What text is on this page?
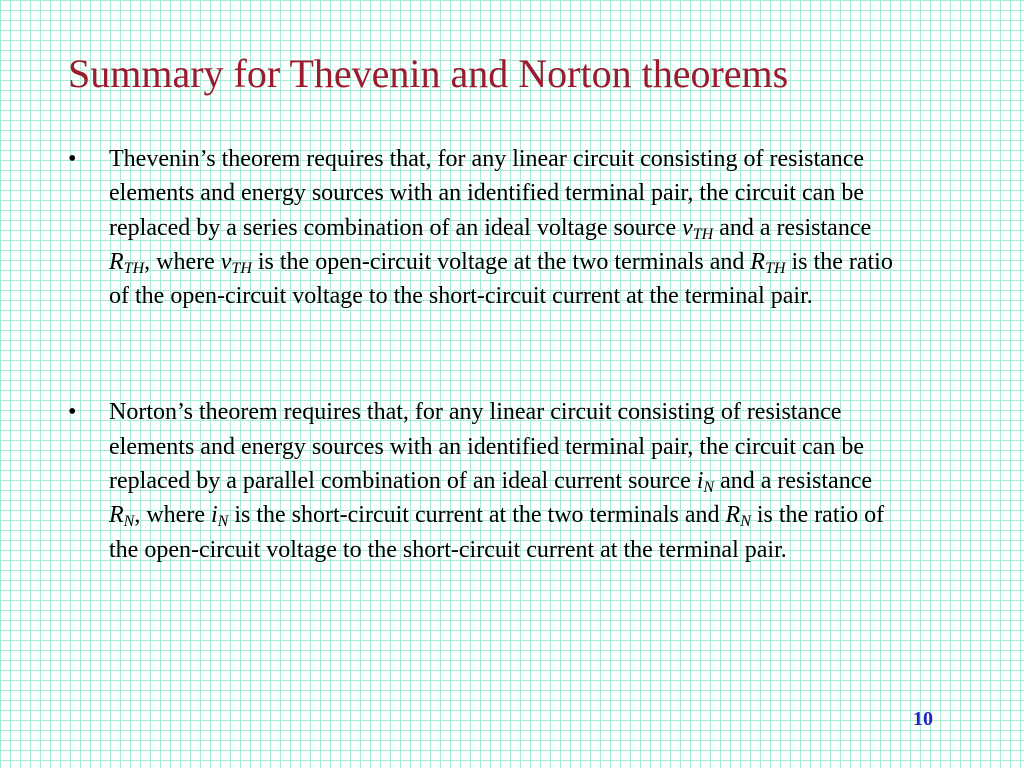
Summary for Thevenin and Norton theorems
• Thevenin’s theorem requires that, for any linear circuit consisting of resistance elements and energy sources with an identified terminal pair, the circuit can be replaced by a series combination of an ideal voltage source $v_{TH}$ and a resistance $R_{TH}$, where $v_{TH}$ is the open-circuit voltage at the two terminals and $R_{TH}$ is the ratio of the open-circuit voltage to the short-circuit current at the terminal pair.
• Norton’s theorem requires that, for any linear circuit consisting of resistance elements and energy sources with an identified terminal pair, the circuit can be replaced by a parallel combination of an ideal current source $i_N$ and a resistance $R_N$, where $i_N$ is the short-circuit current at the two terminals and $R_N$ is the ratio of the open-circuit voltage to the short-circuit current at the terminal pair.
10
